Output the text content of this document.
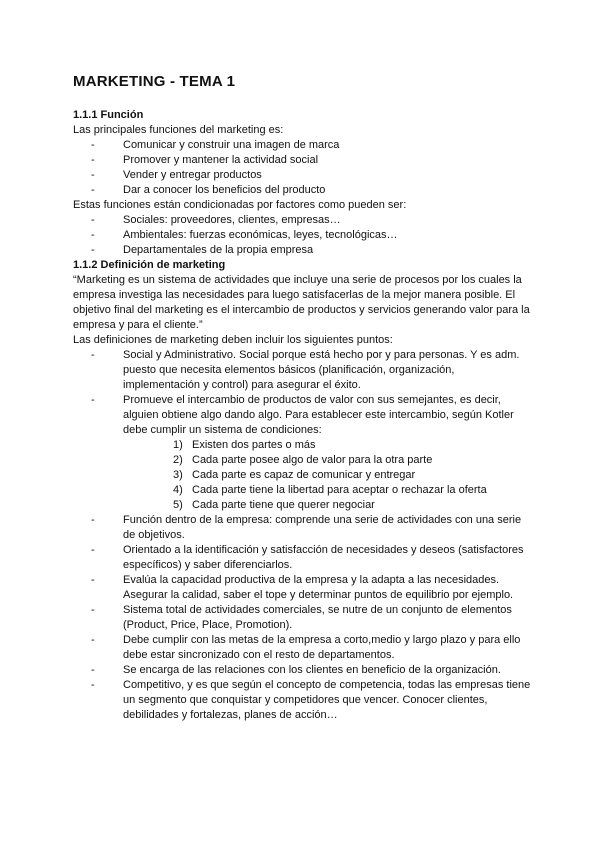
MARKETING - TEMA 1
1.1.1 Función

Las principales funciones del marketing es:

- Comunicar y construir una imagen de marca
- Promover y mantener la actividad social
- Vender y entregar productos
- Dar a conocer los beneficios del producto

Estas funciones están condicionadas por factores como pueden ser:

- Sociales: proveedores, clientes, empresas…
- Ambientales: fuerzas económicas, leyes, tecnológicas…
- Departamentales de la propia empresa
1.1.2 Definición de marketing

“Marketing es un sistema de actividades que incluye una serie de procesos por los cuales la empresa investiga las necesidades para luego satisfacerlas de la mejor manera posible. El objetivo final del marketing es el intercambio de productos y servicios generando valor para la empresa y para el cliente.”

Las definiciones de marketing deben incluir los siguientes puntos:

- Social y Administrativo. Social porque está hecho por y para personas. Y es adm. puesto que necesita elementos básicos (planificación, organización, implementación y control) para asegurar el éxito.
- Promueve el intercambio de productos de valor con sus semejantes, es decir, alguien obtiene algo dando algo. Para establecer este intercambio, según Kotler debe cumplir un sistema de condiciones:
1) Existen dos partes o más
2) Cada parte posee algo de valor para la otra parte
3) Cada parte es capaz de comunicar y entregar
4) Cada parte tiene la libertad para aceptar o rechazar la oferta
5) Cada parte tiene que querer negociar
- Función dentro de la empresa: comprende una serie de actividades con una serie de objetivos.
- Orientado a la identificación y satisfacción de necesidades y deseos (satisfactores específicos) y saber diferenciarlos.
- Evalúa la capacidad productiva de la empresa y la adapta a las necesidades. Asegurar la calidad, saber el tope y determinar puntos de equilibrio por ejemplo.
- Sistema total de actividades comerciales, se nutre de un conjunto de elementos (Product, Price, Place, Promotion).
- Debe cumplir con las metas de la empresa a corto,medio y largo plazo y para ello debe estar sincronizado con el resto de departamentos.
- Se encarga de las relaciones con los clientes en beneficio de la organización.
- Competitivo, y es que según el concepto de competencia, todas las empresas tiene un segmento que conquistar y competidores que vencer. Conocer clientes, debilidades y fortalezas, planes de acción…
